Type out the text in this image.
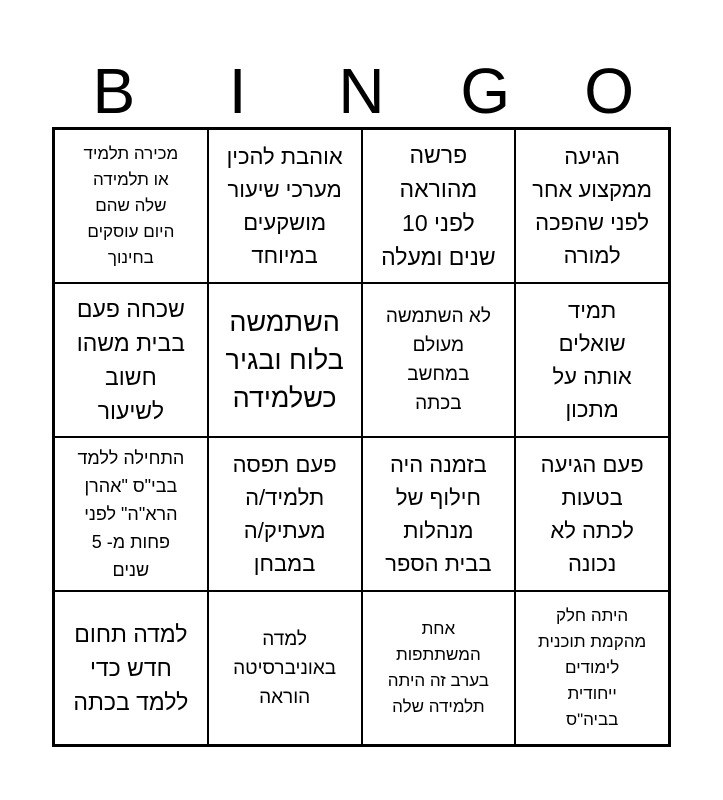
B	I	N	G	O
מכירה תלמיד
או תלמידה
שלה שהם
היום עוסקים
בחינוך
אוהבת להכין
מערכי שיעור
מושקעים
במיוחד
פרשה
מהוראה
לפני 10
שנים ומעלה
הגיעה
ממקצוע אחר
לפני שהפכה
למורה
שכחה פעם
בבית משהו
חשוב
לשיעור
השתמשה
בלוח ובגיר
כשלמידה
לא השתמשה
מעולם
במחשב
בכתה
תמיד
שואלים
אותה על
מתכון
התחילה ללמד
בבי"ס "אהרן
הרא"ה" לפני
פחות מ- 5
שנים
פעם תפסה
תלמיד/ה
מעתיק/ה
במבחן
בזמנה היה
חילוף של
מנהלות
בבית הספר
פעם הגיעה
בטעות
לכתה לא
נכונה
למדה תחום
חדש כדי
ללמד בכתה
למדה
באוניברסיטה
הוראה
אחת
המשתתפות
בערב זה היתה
תלמידה שלה
היתה חלק
מהקמת תוכנית
לימודים
ייחודית
בביה"ס
